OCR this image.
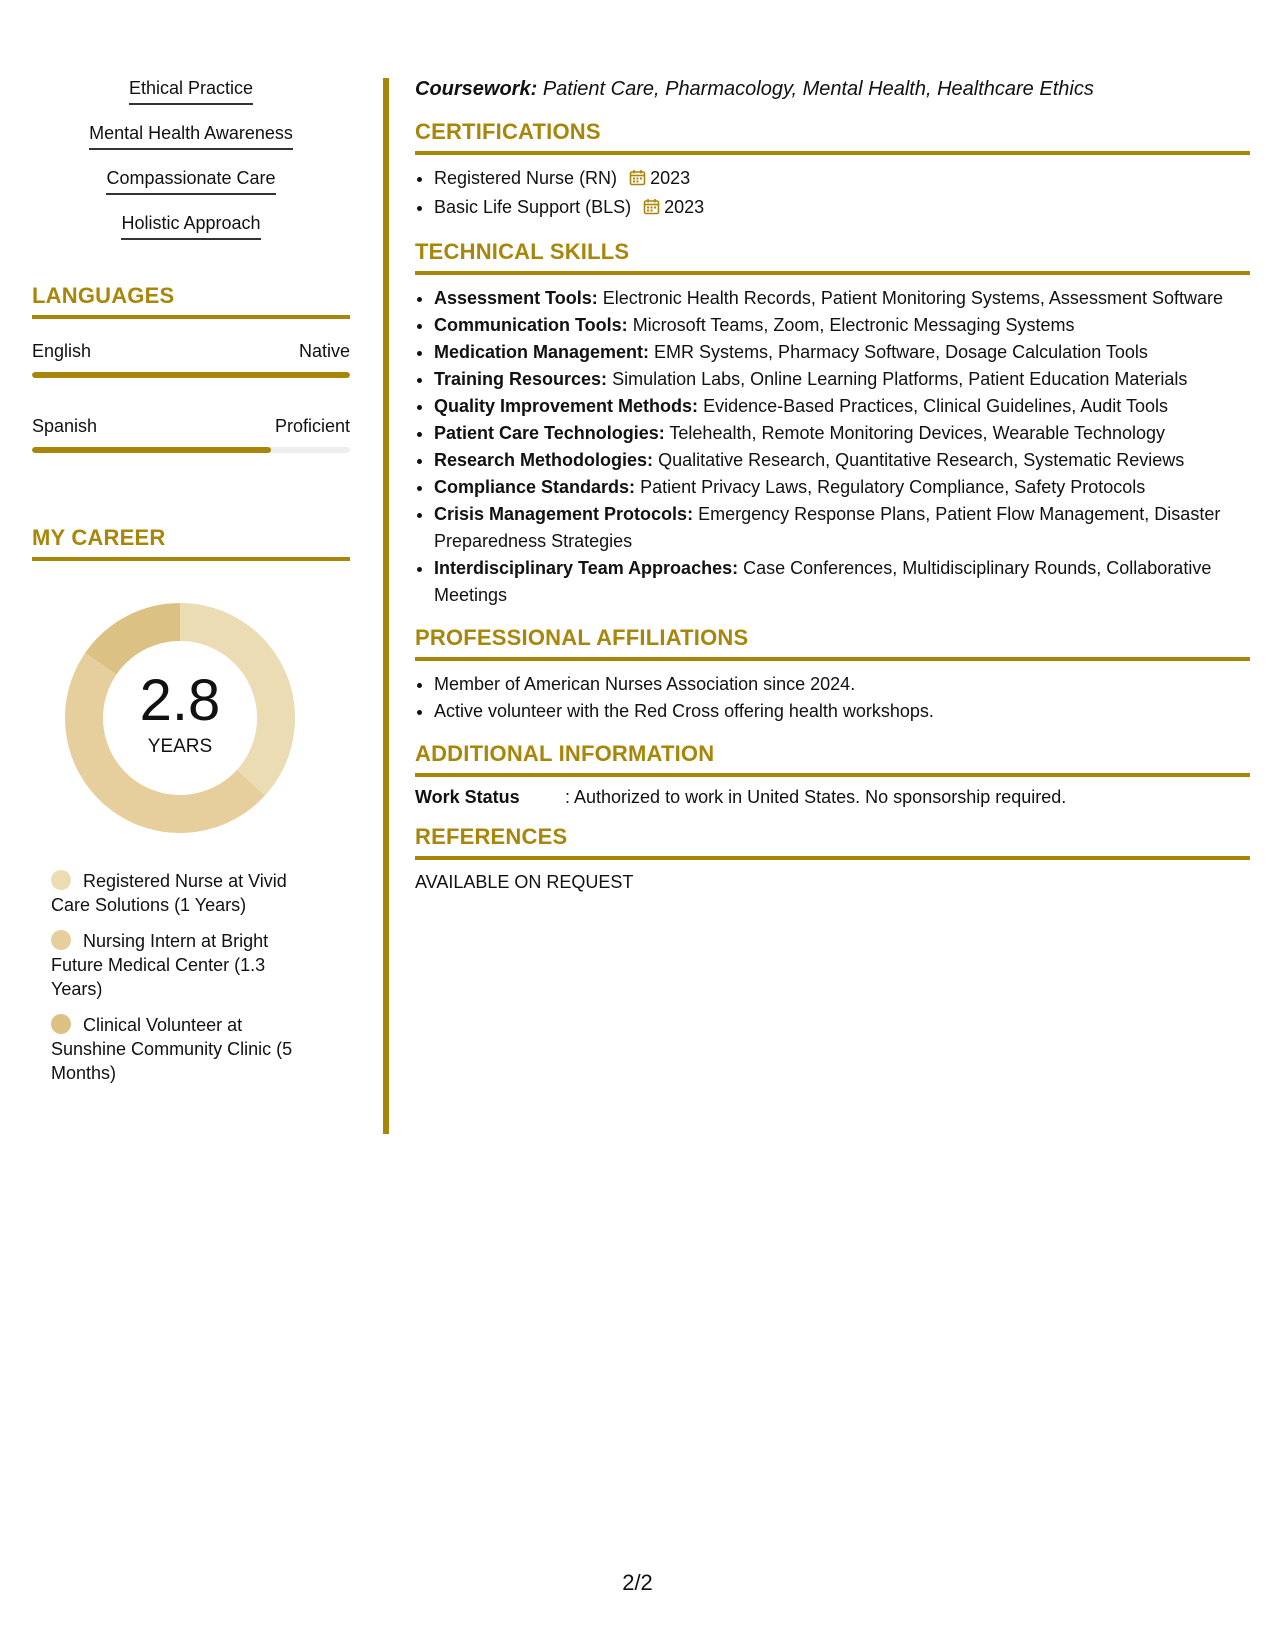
Ethical Practice
Mental Health Awareness
Compassionate Care
Holistic Approach
LANGUAGES
English	Native
Spanish	Proficient
MY CAREER
2.8
YEARS
Registered Nurse at Vivid Care Solutions (1 Years)
Nursing Intern at Bright Future Medical Center (1.3 Years)
Clinical Volunteer at Sunshine Community Clinic (5 Months)

Coursework: Patient Care, Pharmacology, Mental Health, Healthcare Ethics

CERTIFICATIONS
• Registered Nurse (RN) 2023
• Basic Life Support (BLS) 2023
TECHNICAL SKILLS
• Assessment Tools: Electronic Health Records, Patient Monitoring Systems, Assessment Software
• Communication Tools: Microsoft Teams, Zoom, Electronic Messaging Systems
• Medication Management: EMR Systems, Pharmacy Software, Dosage Calculation Tools
• Training Resources: Simulation Labs, Online Learning Platforms, Patient Education Materials
• Quality Improvement Methods: Evidence-Based Practices, Clinical Guidelines, Audit Tools
• Patient Care Technologies: Telehealth, Remote Monitoring Devices, Wearable Technology
• Research Methodologies: Qualitative Research, Quantitative Research, Systematic Reviews
• Compliance Standards: Patient Privacy Laws, Regulatory Compliance, Safety Protocols
• Crisis Management Protocols: Emergency Response Plans, Patient Flow Management, Disaster Preparedness Strategies
• Interdisciplinary Team Approaches: Case Conferences, Multidisciplinary Rounds, Collaborative Meetings
PROFESSIONAL AFFILIATIONS
• Member of American Nurses Association since 2024.
• Active volunteer with the Red Cross offering health workshops.
ADDITIONAL INFORMATION
Work Status	: Authorized to work in United States. No sponsorship required.
REFERENCES
AVAILABLE ON REQUEST
2/2
